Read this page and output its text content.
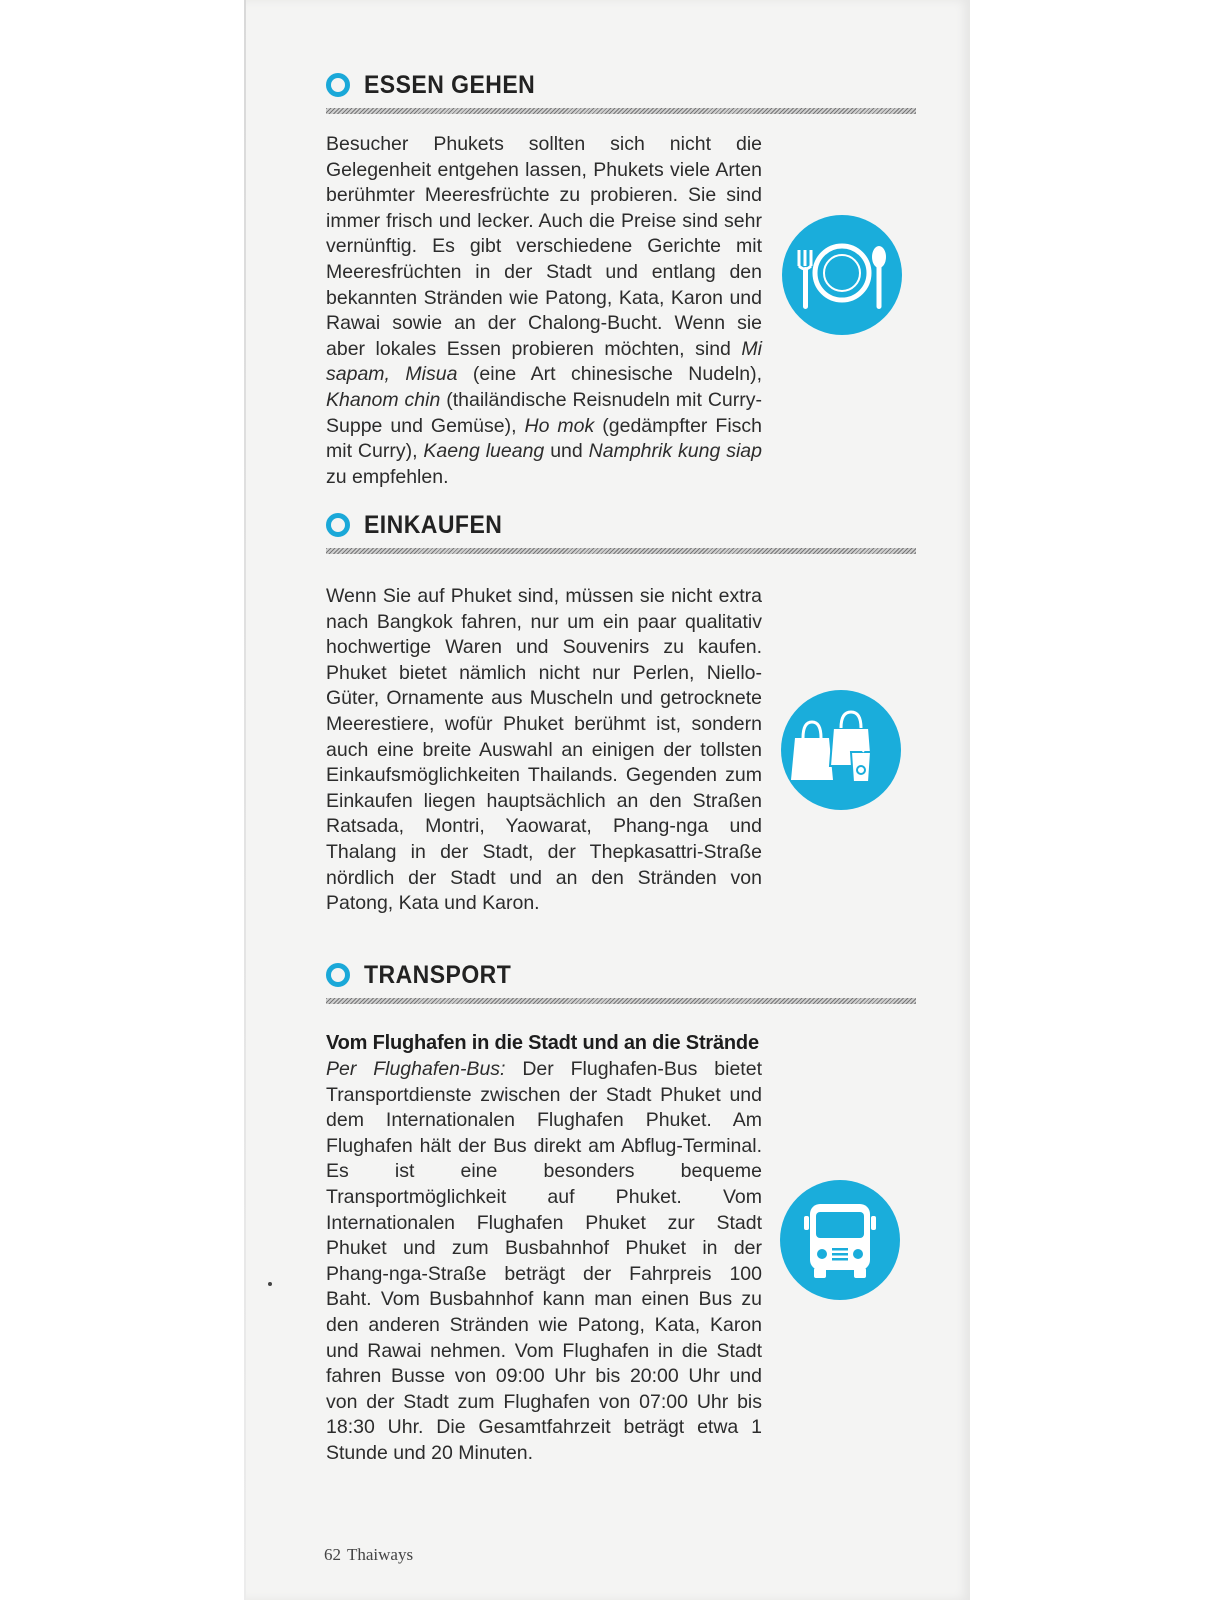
ESSEN GEHEN
Besucher Phukets sollten sich nicht die Gelegenheit entgehen lassen, Phukets viele Arten berühmter Meeresfrüchte zu probieren. Sie sind immer frisch und lecker. Auch die Preise sind sehr vernünftig. Es gibt verschiedene Gerichte mit Meeresfrüchten in der Stadt und entlang den bekannten Stränden wie Patong, Kata, Karon und Rawai sowie an der Chalong-Bucht. Wenn sie aber lokales Essen probieren möchten, sind Mi sapam, Misua (eine Art chinesische Nudeln), Khanom chin (thailändische Reisnudeln mit Curry-Suppe und Gemüse), Ho mok (gedämpfter Fisch mit Curry), Kaeng lueang und Namphrik kung siap zu empfehlen.
EINKAUFEN
Wenn Sie auf Phuket sind, müssen sie nicht extra nach Bangkok fahren, nur um ein paar qualitativ hochwertige Waren und Souvenirs zu kaufen. Phuket bietet nämlich nicht nur Perlen, Niello-Güter, Ornamente aus Muscheln und getrocknete Meerestiere, wofür Phuket berühmt ist, sondern auch eine breite Auswahl an einigen der tollsten Einkaufsmöglichkeiten Thailands. Gegenden zum Einkaufen liegen hauptsächlich an den Straßen Ratsada, Montri, Yaowarat, Phang-nga und Thalang in der Stadt, der Thepkasattri-Straße nördlich der Stadt und an den Stränden von Patong, Kata und Karon.
TRANSPORT
Vom Flughafen in die Stadt und an die Strände
Per Flughafen-Bus: Der Flughafen-Bus bietet Transportdienste zwischen der Stadt Phuket und dem Internationalen Flughafen Phuket. Am Flughafen hält der Bus direkt am Abflug-Terminal. Es ist eine besonders bequeme Transportmöglichkeit auf Phuket. Vom Internationalen Flughafen Phuket zur Stadt Phuket und zum Busbahnhof Phuket in der Phang-nga-Straße beträgt der Fahrpreis 100 Baht. Vom Busbahnhof kann man einen Bus zu den anderen Stränden wie Patong, Kata, Karon und Rawai nehmen. Vom Flughafen in die Stadt fahren Busse von 09:00 Uhr bis 20:00 Uhr und von der Stadt zum Flughafen von 07:00 Uhr bis 18:30 Uhr. Die Gesamtfahrzeit beträgt etwa 1 Stunde und 20 Minuten.
62 Thaiways
